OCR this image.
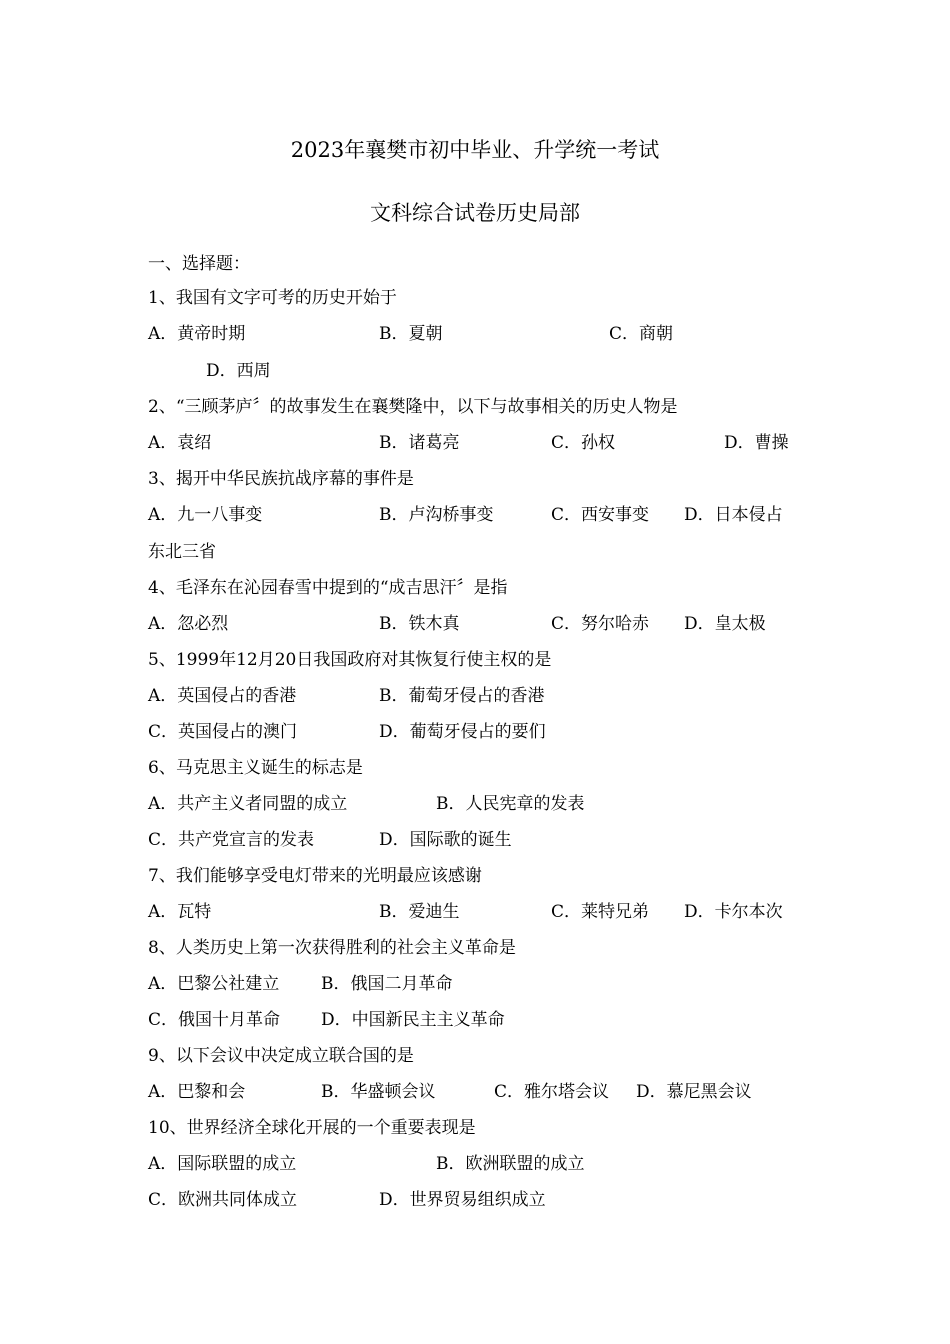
2023年襄樊市初中毕业、升学统一考试
文科综合试卷历史局部
一、选择题：
1、我国有文字可考的历史开始于
A．黄帝时期	B．夏朝	C．商朝
D．西周
2、“三顾茅庐〞的故事发生在襄樊隆中，以下与故事相关的历史人物是
A．袁绍	B．诸葛亮	C．孙权	D．曹操
3、揭开中华民族抗战序幕的事件是
A．九一八事变	B．卢沟桥事变	C．西安事变 D．日本侵占
东北三省
4、毛泽东在沁园春雪中提到的“成吉思汗〞是指
A．忽必烈	B．铁木真	C．努尔哈赤 D．皇太极
5、1999年12月20日我国政府对其恢复行使主权的是
A．英国侵占的香港	B．葡萄牙侵占的香港
C．英国侵占的澳门	D．葡萄牙侵占的要们
6、马克思主义诞生的标志是
A．共产主义者同盟的成立	B．人民宪章的发表
C．共产党宣言的发表	D．国际歌的诞生
7、我们能够享受电灯带来的光明最应该感谢
A．瓦特	B．爱迪生	C．莱特兄弟 D．卡尔本次
8、人类历史上第一次获得胜利的社会主义革命是
A．巴黎公社建立 B．俄国二月革命
C．俄国十月革命 D．中国新民主主义革命
9、以下会议中决定成立联合国的是
A．巴黎和会	B．华盛顿会议	C．雅尔塔会议 D．慕尼黑会议
10、世界经济全球化开展的一个重要表现是
A．国际联盟的成立	B．欧洲联盟的成立
C．欧洲共同体成立	D．世界贸易组织成立
